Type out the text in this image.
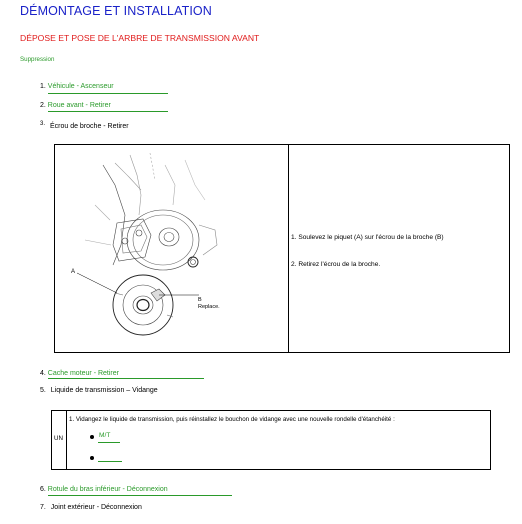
DÉMONTAGE ET INSTALLATION
DÉPOSE ET POSE DE L'ARBRE DE TRANSMISSION AVANT
Suppression
1. Véhicule - Ascenseur
2. Roue avant - Retirer
3. Écrou de broche - Retirer
A
B
Replace.
1. Soulevez le piquet (A) sur l'écrou de la broche (B)
2. Retirez l'écrou de la broche.
4. Cache moteur - Retirer
5. Liquide de transmission – Vidange
UN
1. Vidangez le liquide de transmission, puis réinstallez le bouchon de vidange avec une nouvelle rondelle d'étanchéité :
M/T
6. Rotule du bras inférieur - Déconnexion
7. Joint extérieur - Déconnexion
